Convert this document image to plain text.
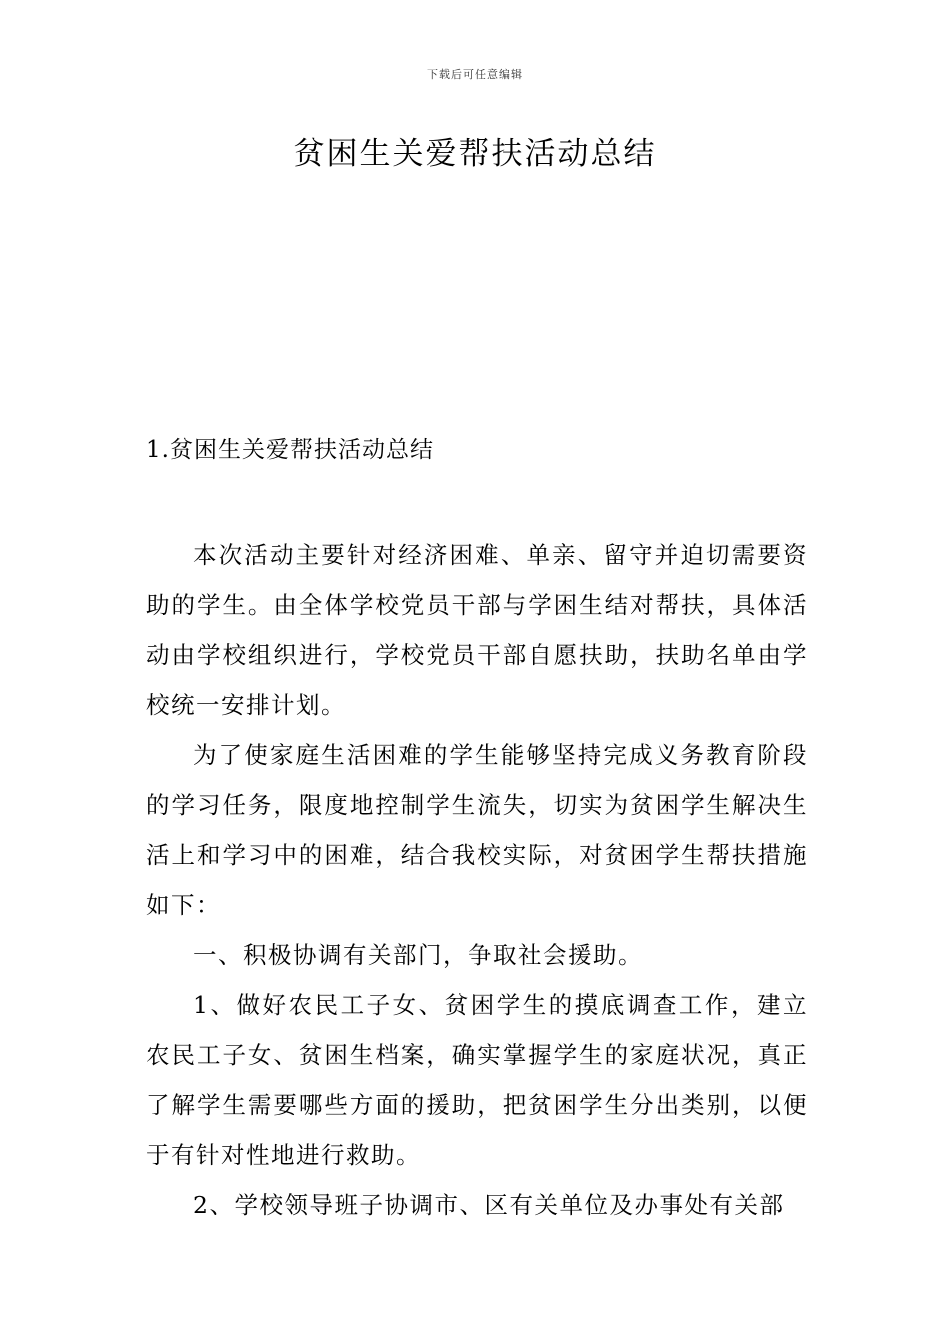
下载后可任意编辑
贫困生关爱帮扶活动总结
1.贫困生关爱帮扶活动总结

本次活动主要针对经济困难、单亲、留守并迫切需要资助的学生。由全体学校党员干部与学困生结对帮扶，具体活动由学校组织进行，学校党员干部自愿扶助，扶助名单由学校统一安排计划。

为了使家庭生活困难的学生能够坚持完成义务教育阶段的学习任务，限度地控制学生流失，切实为贫困学生解决生活上和学习中的困难，结合我校实际，对贫困学生帮扶措施如下：

一、积极协调有关部门，争取社会援助。

1、做好农民工子女、贫困学生的摸底调查工作，建立农民工子女、贫困生档案，确实掌握学生的家庭状况，真正了解学生需要哪些方面的援助，把贫困学生分出类别，以便于有针对性地进行救助。

2、学校领导班子协调市、区有关单位及办事处有关部
